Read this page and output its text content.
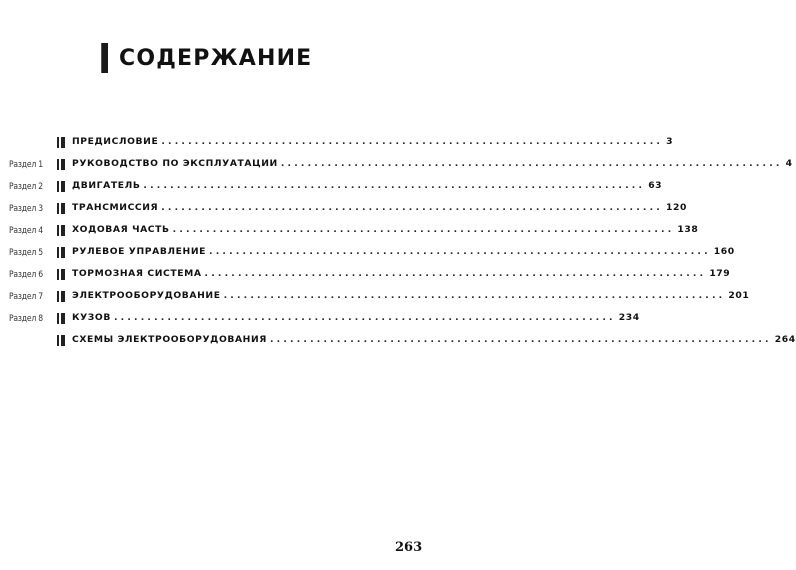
СОДЕРЖАНИЕ
ПРЕДИСЛОВИЕ ........................................................................... 3
Раздел 1	РУКОВОДСТВО ПО ЭКСПЛУАТАЦИИ ........................................................................... 4
Раздел 2	ДВИГАТЕЛЬ ........................................................................... 63
Раздел 3	ТРАНСМИССИЯ ........................................................................... 120
Раздел 4	ХОДОВАЯ ЧАСТЬ ........................................................................... 138
Раздел 5	РУЛЕВОЕ УПРАВЛЕНИЕ ........................................................................... 160
Раздел 6	ТОРМОЗНАЯ СИСТЕМА ........................................................................... 179
Раздел 7	ЭЛЕКТРООБОРУДОВАНИЕ ........................................................................... 201
Раздел 8	КУЗОВ ........................................................................... 234
СХЕМЫ ЭЛЕКТРООБОРУДОВАНИЯ ........................................................................... 264
263
